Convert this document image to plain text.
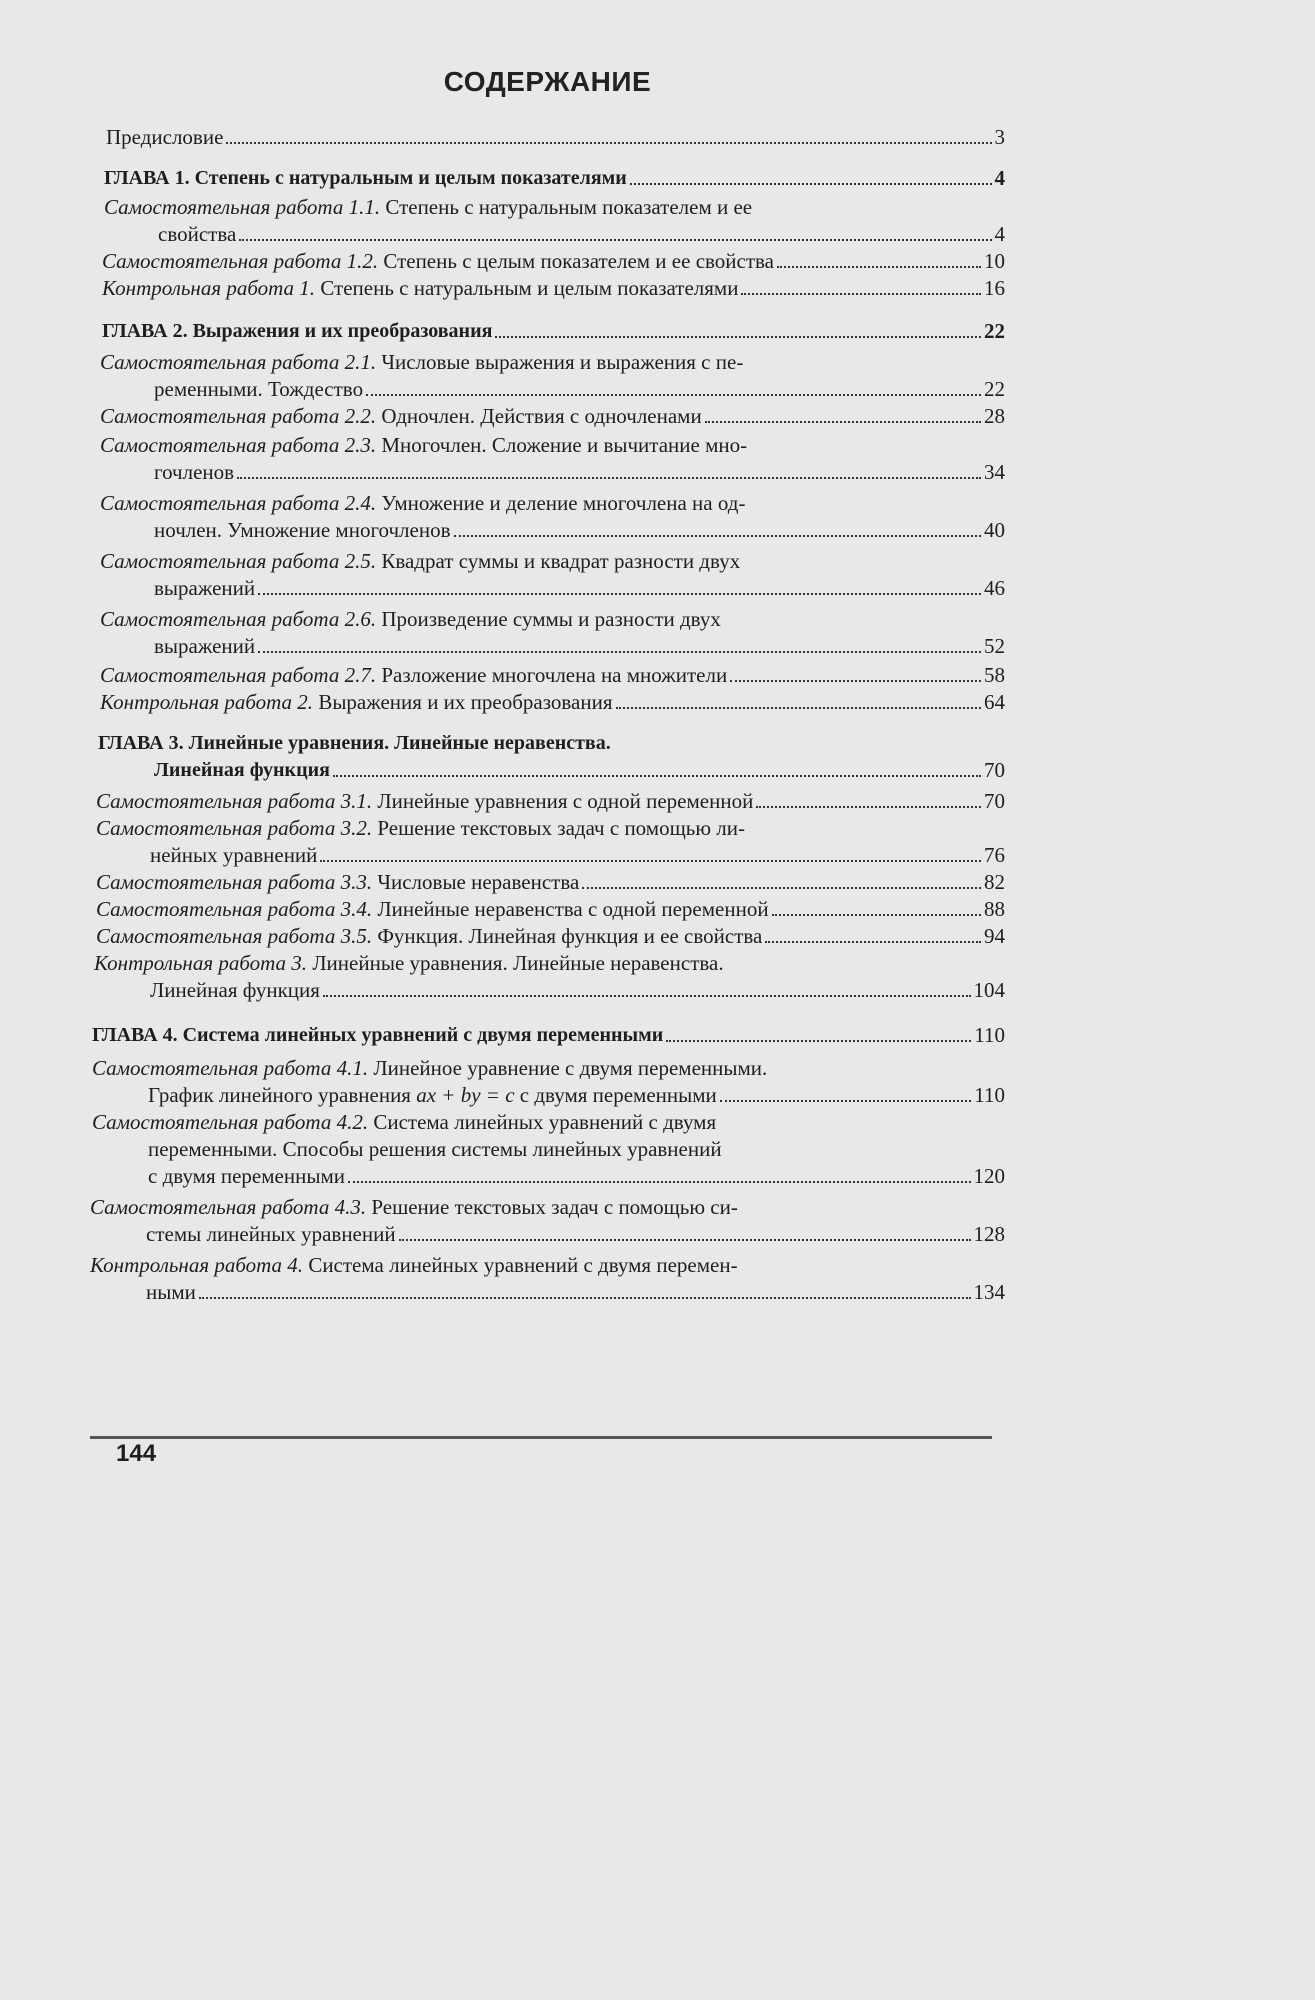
СОДЕРЖАНИЕ
Предисловие	3
ГЛАВА 1. Степень с натуральным и целым показателями	4
Самостоятельная работа 1.1. Степень с натуральным показателем и ее
свойства	4
Самостоятельная работа 1.2. Степень с целым показателем и ее свойства	10
Контрольная работа 1. Степень с натуральным и целым показателями	16
ГЛАВА 2. Выражения и их преобразования	22
Самостоятельная работа 2.1. Числовые выражения и выражения с пе-
ременными. Тождество	22
Самостоятельная работа 2.2. Одночлен. Действия с одночленами	28
Самостоятельная работа 2.3. Многочлен. Сложение и вычитание мно-
гочленов	34
Самостоятельная работа 2.4. Умножение и деление многочлена на од-
ночлен. Умножение многочленов	40
Самостоятельная работа 2.5. Квадрат суммы и квадрат разности двух
выражений	46
Самостоятельная работа 2.6. Произведение суммы и разности двух
выражений	52
Самостоятельная работа 2.7. Разложение многочлена на множители	58
Контрольная работа 2. Выражения и их преобразования	64
ГЛАВА 3. Линейные уравнения. Линейные неравенства.
Линейная функция	70
Самостоятельная работа 3.1. Линейные уравнения с одной переменной	70
Самостоятельная работа 3.2. Решение текстовых задач с помощью ли-
нейных уравнений	76
Самостоятельная работа 3.3. Числовые неравенства	82
Самостоятельная работа 3.4. Линейные неравенства с одной переменной	88
Самостоятельная работа 3.5. Функция. Линейная функция и ее свойства	94
Контрольная работа 3. Линейные уравнения. Линейные неравенства.
Линейная функция	104
ГЛАВА 4. Система линейных уравнений с двумя переменными	110
Самостоятельная работа 4.1. Линейное уравнение с двумя переменными.
График линейного уравнения ax + by = c с двумя переменными	110
Самостоятельная работа 4.2. Система линейных уравнений с двумя
переменными. Способы решения системы линейных уравнений
с двумя переменными	120
Самостоятельная работа 4.3. Решение текстовых задач с помощью си-
стемы линейных уравнений	128
Контрольная работа 4. Система линейных уравнений с двумя перемен-
ными	134
144
